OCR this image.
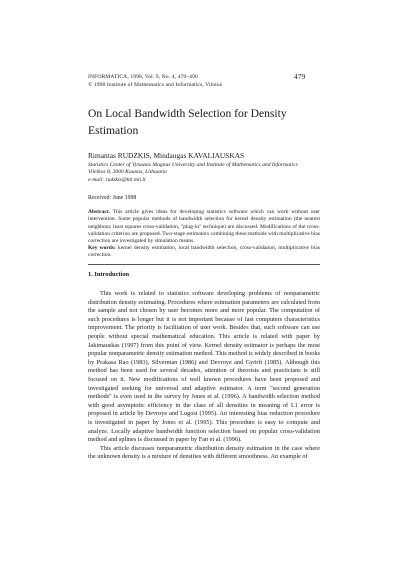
INFORMATICA, 1998, Vol. 9, No. 4, 479–490
© 1998 Institute of Mathematics and Informatics, Vilnius
479
On Local Bandwidth Selection for Density Estimation
Rimantas RUDZKIS, Mindaugas KAVALIAUSKAS
Statistics Center of Vytautas Magnus University and Institute of Mathematics and Informatics
Vileikos 8, 3000 Kaunas, Lithuania
e-mail: rudzkis@ktl.mii.lt
Received: June 1998
Abstract. This article gives ideas for developing statistics software which can work without user intervention. Some popular methods of bandwidth selection for kernel density estimation (the nearest neighbour, least squares cross-validation, "plug-in" technique) are discussed. Modifications of the cross-validation criterion are proposed. Two-stage estimators combining these methods with multiplicative bias correction are investigated by simulation means.
Key words: kernel density estimation, local bandwidth selection, cross-validation, multiplicative bias correction.
1. Introduction

This work is related to statistics software developing problems of nonparametric distribution density estimating. Procedures where estimation parameters are calculated from the sample and not chosen by user becomes more and more popular. The computation of such procedures is longer but it is not important because of fast computers characteristics improvement. The priority is facilitation of user work. Besides that, such software can use people without special mathematical education. This article is related with paper by Jakimauskas (1997) from this point of view. Kernel density estimator is perhaps the most popular nonparametric density estimation method. This method is widely described in books by Prakasa Rao (1983), Silverman (1986) and Devroye and Györfi (1985). Although this method has been used for several decades, attention of theorists and practicians is still focused on it. New modifications of well known procedures have been proposed and investigated seeking for universal and adaptive estimator. A term "second generation methods" is even used in the survey by Jones et al. (1996). A bandwidth selection method with good asymptotic efficiency in the class of all densities in meaning of L1 error is proposed in article by Devroye and Lugosi (1995). An interesting bias reduction procedure is investigated in paper by Jones et al. (1995). This procedure is easy to compute and analyze. Locally adaptive bandwidth function selection based on popular cross-validation method and splines is discussed in paper by Fan et al. (1996).

This article discusses nonparametric distribution density estimation in the case where the unknown density is a mixture of densities with different smoothness. An example of
